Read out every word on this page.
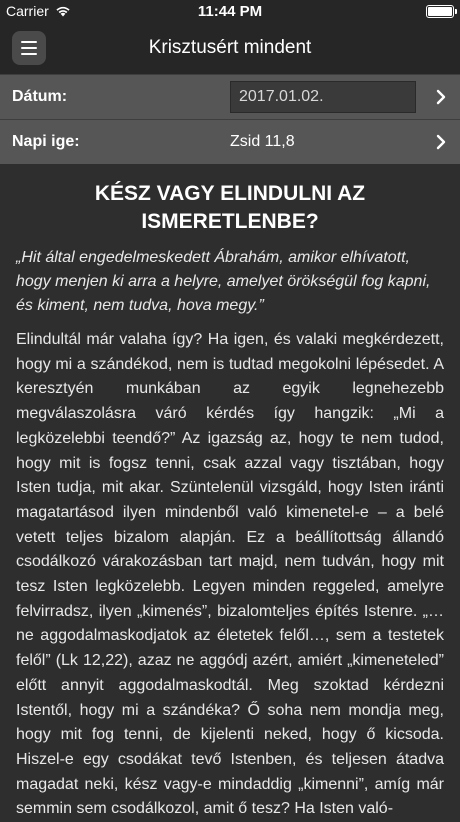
Carrier	11:44 PM
Krisztusért mindent
Dátum:	2017.01.02.
Napi ige:	Zsid 11,8
KÉSZ VAGY ELINDULNI AZ ISMERETLENBE?

„Hit által engedelmeskedett Ábrahám, amikor elhívatott, hogy menjen ki arra a helyre, amelyet örökségül fog kapni, és kiment, nem tudva, hova megy.”

Elindultál már valaha így? Ha igen, és valaki megkérdezett, hogy mi a szándékod, nem is tudtad megokolni lépésedet. A keresztyén munkában az egyik legnehezebb megválaszolásra váró kérdés így hangzik: „Mi a legközelebbi teendő?” Az igazság az, hogy te nem tudod, hogy mit is fogsz tenni, csak azzal vagy tisztában, hogy Isten tudja, mit akar. Szüntelenül vizsgáld, hogy Isten iránti magatartásod ilyen mindenből való kimenetel-e – a belé vetett teljes bizalom alapján. Ez a beállítottság állandó csodálkozó várakozásban tart majd, nem tudván, hogy mit tesz Isten legközelebb. Legyen minden reggeled, amelyre felvirradsz, ilyen „kimenés”, bizalomteljes építés Istenre. „…ne aggodalmaskodjatok az életetek felől…, sem a testetek felől” (Lk 12,22), azaz ne aggódj azért, amiért „kimeneteled” előtt annyit aggodalmaskodtál. Meg szoktad kérdezni Istentől, hogy mi a szándéka? Ő soha nem mondja meg, hogy mit fog tenni, de kijelenti neked, hogy ő kicsoda. Hiszel-e egy csodákat tevő Istenben, és teljesen átadva magadat neki, kész vagy-e mindaddig „kimenni”, amíg már semmin sem csodálkozol, amit ő tesz? Ha Isten való-
